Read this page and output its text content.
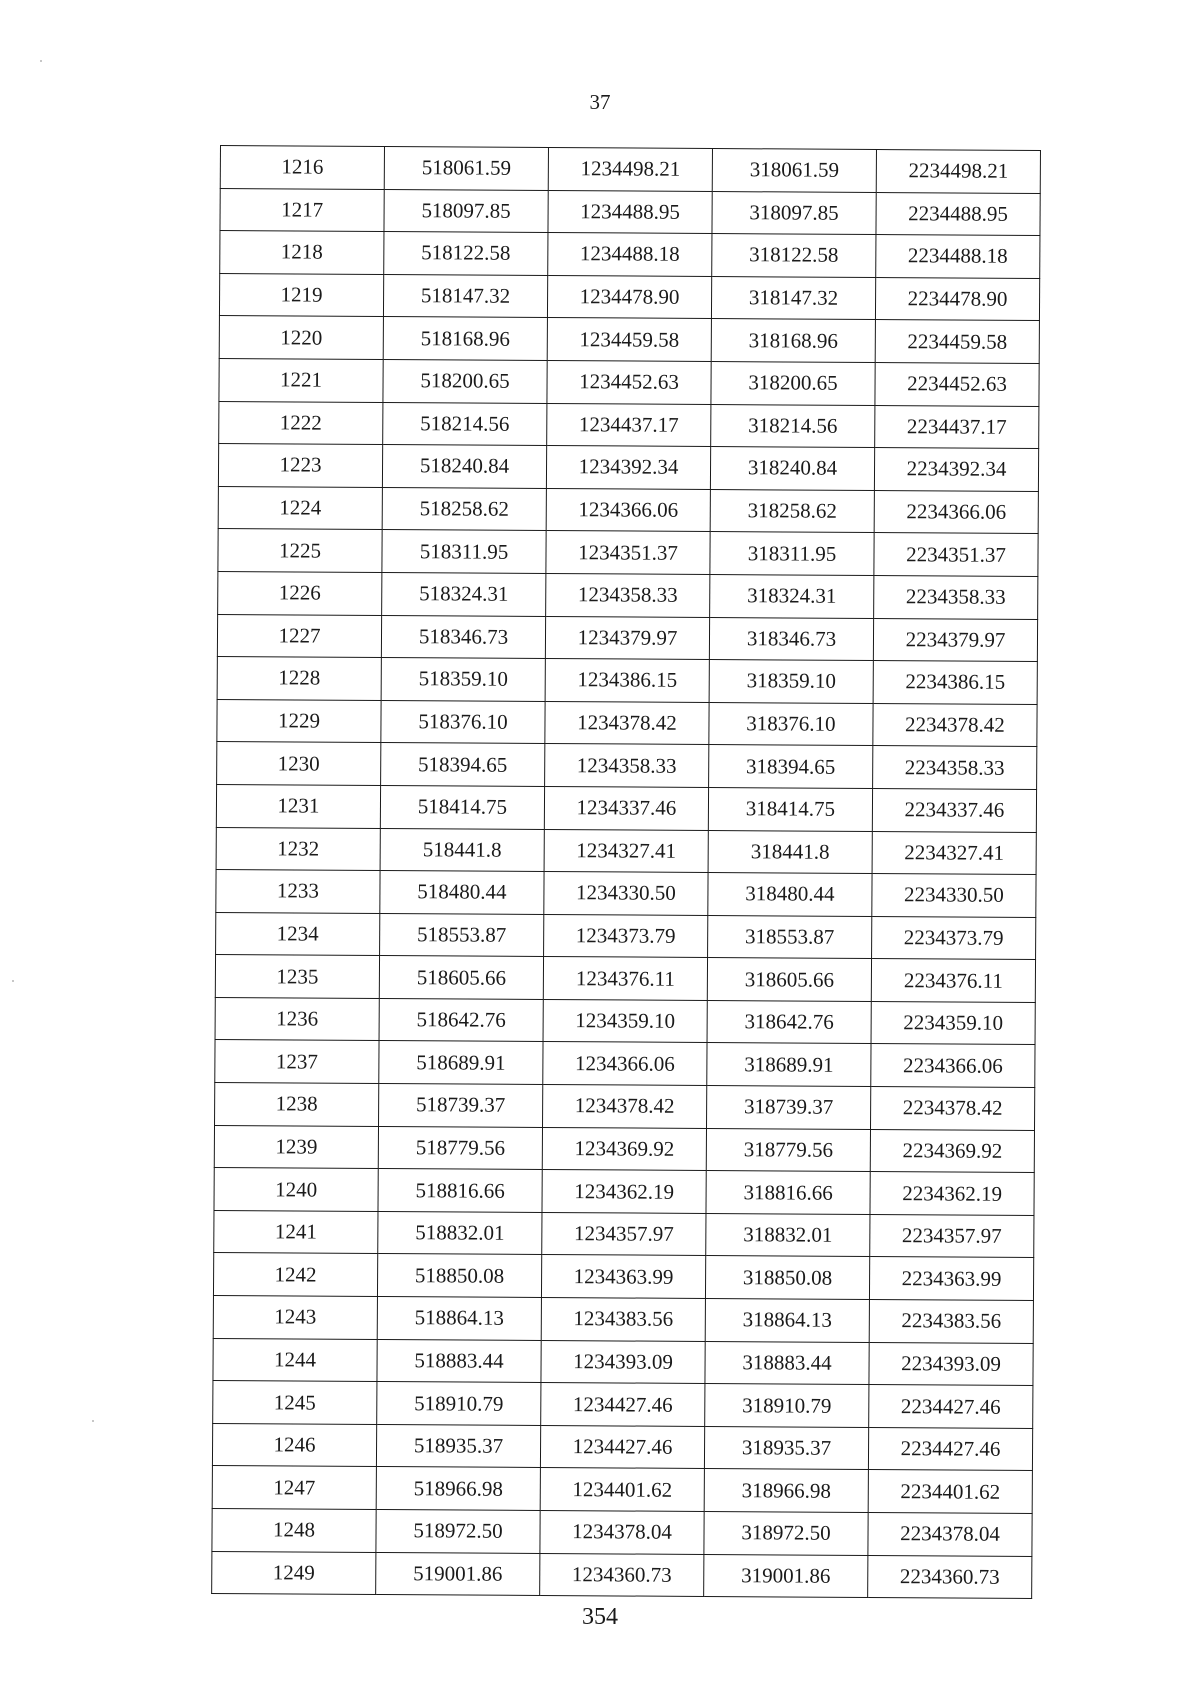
37
1216	518061.59	1234498.21	318061.59	2234498.21
1217	518097.85	1234488.95	318097.85	2234488.95
1218	518122.58	1234488.18	318122.58	2234488.18
1219	518147.32	1234478.90	318147.32	2234478.90
1220	518168.96	1234459.58	318168.96	2234459.58
1221	518200.65	1234452.63	318200.65	2234452.63
1222	518214.56	1234437.17	318214.56	2234437.17
1223	518240.84	1234392.34	318240.84	2234392.34
1224	518258.62	1234366.06	318258.62	2234366.06
1225	518311.95	1234351.37	318311.95	2234351.37
1226	518324.31	1234358.33	318324.31	2234358.33
1227	518346.73	1234379.97	318346.73	2234379.97
1228	518359.10	1234386.15	318359.10	2234386.15
1229	518376.10	1234378.42	318376.10	2234378.42
1230	518394.65	1234358.33	318394.65	2234358.33
1231	518414.75	1234337.46	318414.75	2234337.46
1232	518441.8	1234327.41	318441.8	2234327.41
1233	518480.44	1234330.50	318480.44	2234330.50
1234	518553.87	1234373.79	318553.87	2234373.79
1235	518605.66	1234376.11	318605.66	2234376.11
1236	518642.76	1234359.10	318642.76	2234359.10
1237	518689.91	1234366.06	318689.91	2234366.06
1238	518739.37	1234378.42	318739.37	2234378.42
1239	518779.56	1234369.92	318779.56	2234369.92
1240	518816.66	1234362.19	318816.66	2234362.19
1241	518832.01	1234357.97	318832.01	2234357.97
1242	518850.08	1234363.99	318850.08	2234363.99
1243	518864.13	1234383.56	318864.13	2234383.56
1244	518883.44	1234393.09	318883.44	2234393.09
1245	518910.79	1234427.46	318910.79	2234427.46
1246	518935.37	1234427.46	318935.37	2234427.46
1247	518966.98	1234401.62	318966.98	2234401.62
1248	518972.50	1234378.04	318972.50	2234378.04
1249	519001.86	1234360.73	319001.86	2234360.73
354
